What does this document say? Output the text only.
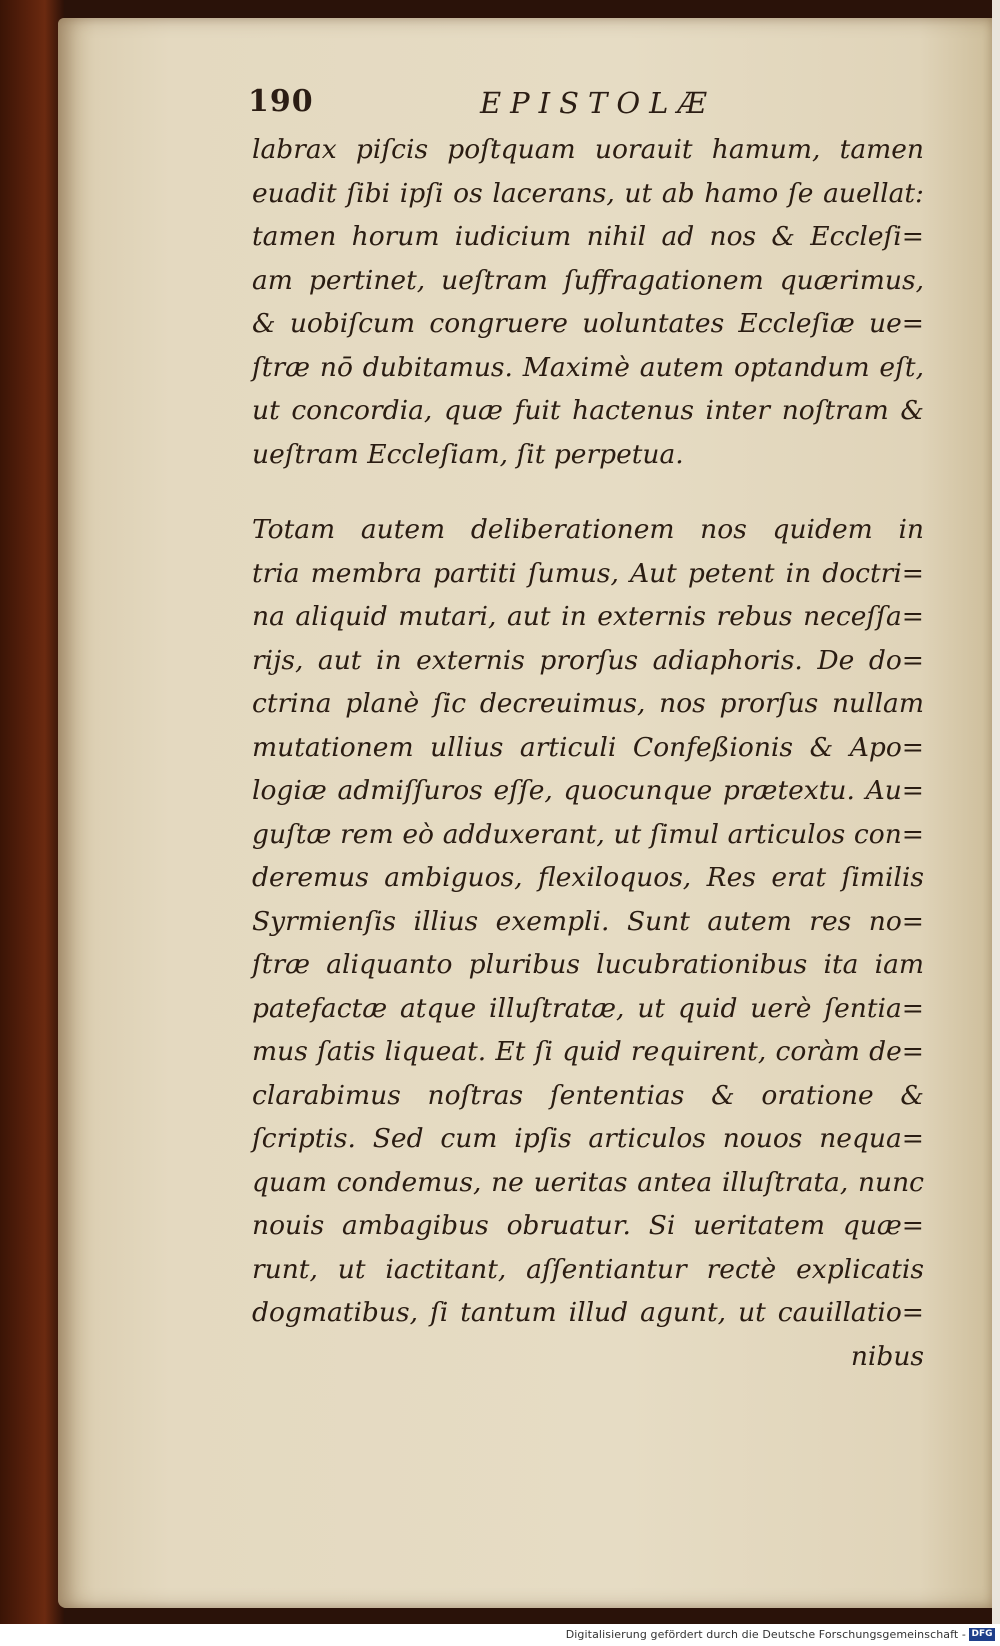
190	EPISTOLÆ
labrax piſcis poſtquam uorauit hamum, tamen
euadit ſibi ipſi os lacerans, ut ab hamo ſe auellat:
tamen horum iudicium nihil ad nos & Eccleſi=
am pertinet, ueſtram ſuffragationem quærimus,
& uobiſcum congruere uoluntates Eccleſiæ ue=
ſtræ nō dubitamus. Maximè autem optandum eſt,
ut concordia, quæ fuit hactenus inter noſtram &
ueſtram Eccleſiam, ſit perpetua.
Totam autem deliberationem nos quidem in
tria membra partiti ſumus, Aut petent in doctri=
na aliquid mutari, aut in externis rebus neceſſa=
rijs, aut in externis prorſus adiaphoris. De do=
ctrina planè ſic decreuimus, nos prorſus nullam
mutationem ullius articuli Confeßionis & Apo=
logiæ admiſſuros eſſe, quocunque prætextu. Au=
guſtæ rem eò adduxerant, ut ſimul articulos con=
deremus ambiguos, flexiloquos, Res erat ſimilis
Syrmienſis illius exempli. Sunt autem res no=
ſtræ aliquanto pluribus lucubrationibus ita iam
patefactæ atque illuſtratæ, ut quid uerè ſentia=
mus ſatis liqueat. Et ſi quid requirent, coràm de=
clarabimus noſtras ſententias & oratione &
ſcriptis. Sed cum ipſis articulos nouos nequa=
quam condemus, ne ueritas antea illuſtrata, nunc
nouis ambagibus obruatur. Si ueritatem quæ=
runt, ut iactitant, aſſentiantur rectè explicatis
dogmatibus, ſi tantum illud agunt, ut cauillatio=
nibus
Digitalisierung gefördert durch die Deutsche Forschungsgemeinschaft - DFG
